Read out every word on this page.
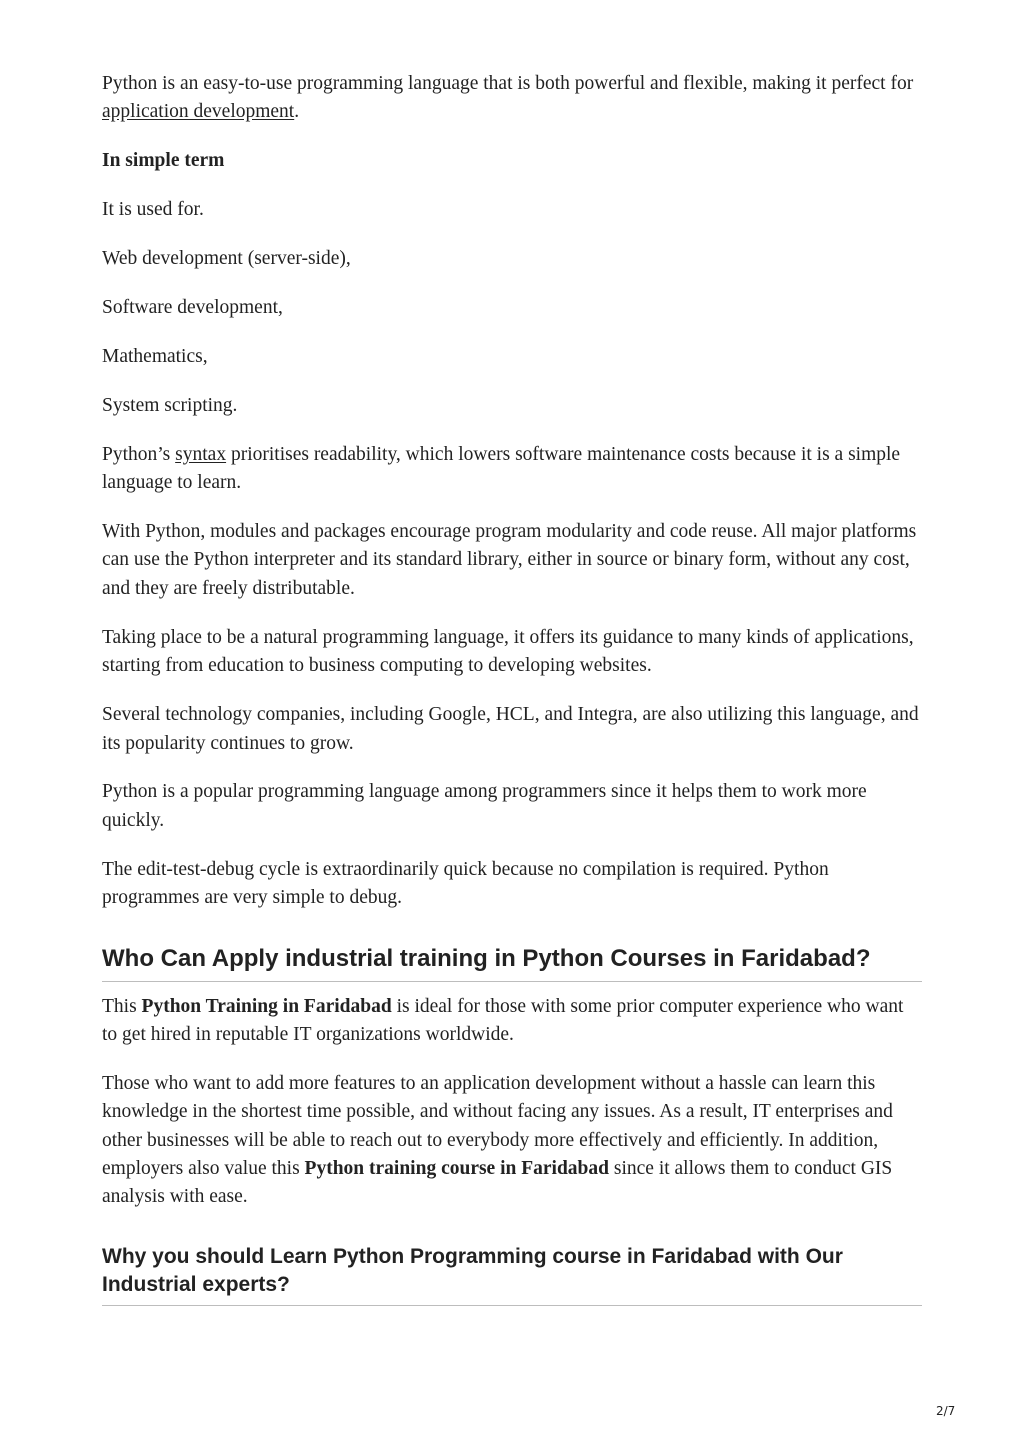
Python is an easy-to-use programming language that is both powerful and flexible, making it perfect for application development.

In simple term

It is used for.

Web development (server-side),

Software development,

Mathematics,

System scripting.

Python’s syntax prioritises readability, which lowers software maintenance costs because it is a simple language to learn.

With Python, modules and packages encourage program modularity and code reuse. All major platforms can use the Python interpreter and its standard library, either in source or binary form, without any cost, and they are freely distributable.

Taking place to be a natural programming language, it offers its guidance to many kinds of applications, starting from education to business computing to developing websites.

Several technology companies, including Google, HCL, and Integra, are also utilizing this language, and its popularity continues to grow.

Python is a popular programming language among programmers since it helps them to work more quickly.

The edit-test-debug cycle is extraordinarily quick because no compilation is required. Python programmes are very simple to debug.

Who Can Apply industrial training in Python Courses in Faridabad?

This Python Training in Faridabad is ideal for those with some prior computer experience who want to get hired in reputable IT organizations worldwide.

Those who want to add more features to an application development without a hassle can learn this knowledge in the shortest time possible, and without facing any issues. As a result, IT enterprises and other businesses will be able to reach out to everybody more effectively and efficiently. In addition, employers also value this Python training course in Faridabad since it allows them to conduct GIS analysis with ease.

Why you should Learn Python Programming course in Faridabad with Our Industrial experts?
2/7
